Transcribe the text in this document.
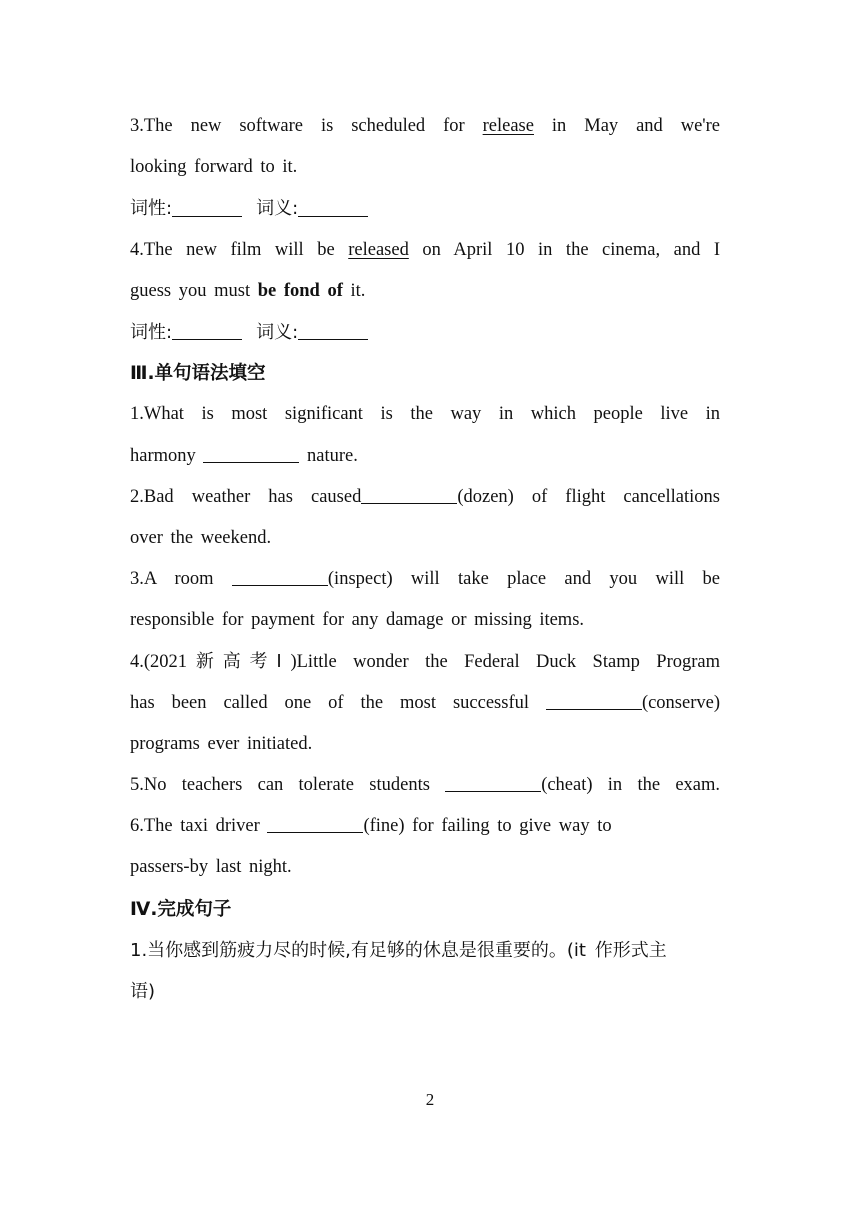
3.The new software is scheduled for release in May and we're
looking forward to it.
词性:	词义:
4.The new film will be released on April 10 in the cinema, and I
guess you must be fond of it.
词性:	词义:
Ⅲ.单句语法填空
1.What is most significant is the way in which people live in
harmony	nature.
2.Bad weather has caused	(dozen) of flight cancellations
over the weekend.
3.A room	(inspect) will take place and you will be
responsible for payment for any damage or missing items.
4.(2021新高考Ⅰ)Little wonder the Federal Duck Stamp Program
has been called one of the most successful	(conserve)
programs ever initiated.
5.No teachers can tolerate students	(cheat) in the exam.
6.The taxi driver	(fine) for failing to give way to
passers-by last night.
Ⅳ.完成句子
1.当你感到筋疲力尽的时候,有足够的休息是很重要的。(it 作形式主
语)
2
